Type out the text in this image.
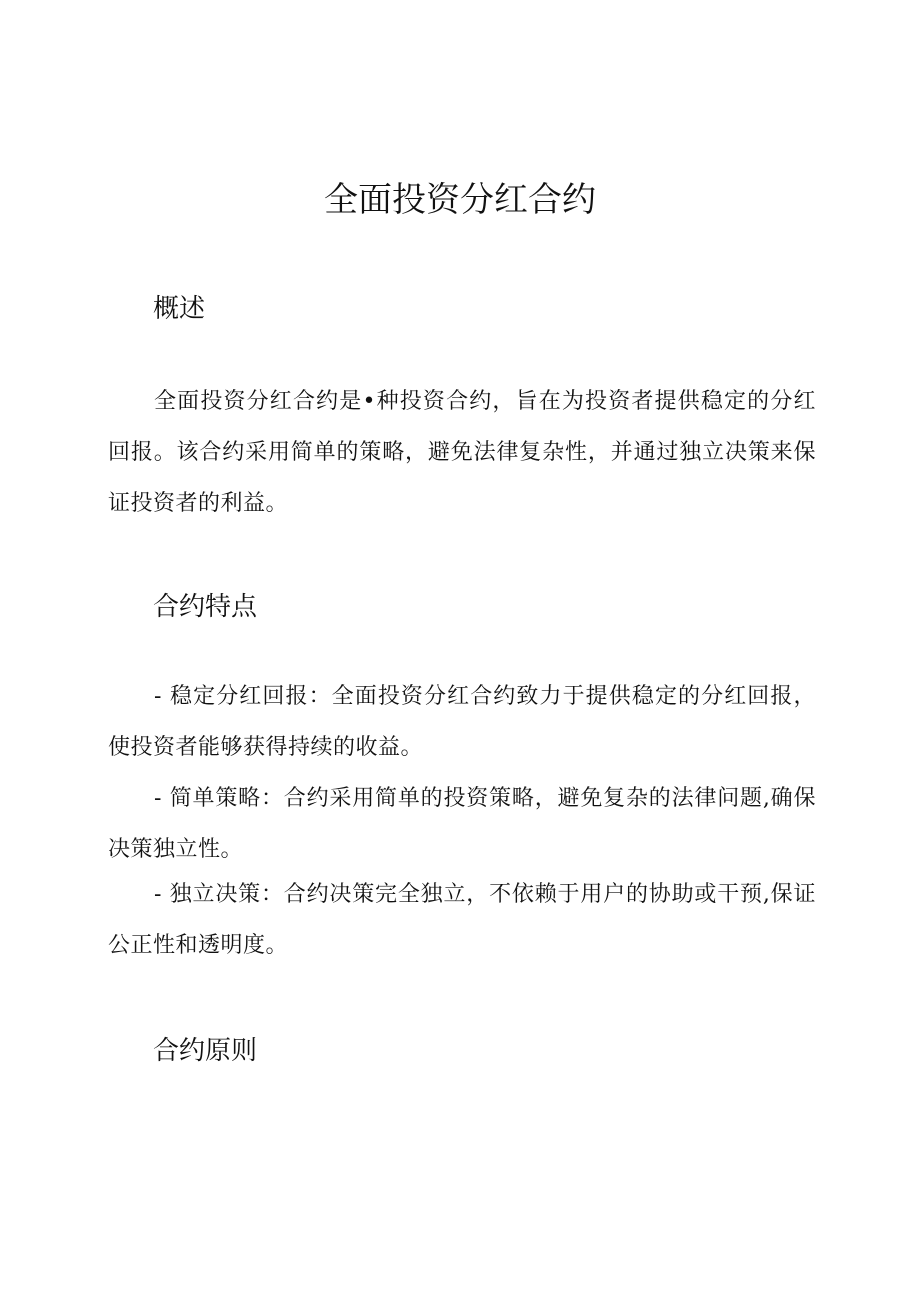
全面投资分红合约
概述

全面投资分红合约是•种投资合约，旨在为投资者提供稳定的分红回报。该合约采用简单的策略，避免法律复杂性，并通过独立决策来保证投资者的利益。

合约特点

- 稳定分红回报：全面投资分红合约致力于提供稳定的分红回报，使投资者能够获得持续的收益。

- 简单策略：合约采用简单的投资策略，避免复杂的法律问题,确保决策独立性。

- 独立决策：合约决策完全独立，不依赖于用户的协助或干预,保证公正性和透明度。

合约原则
